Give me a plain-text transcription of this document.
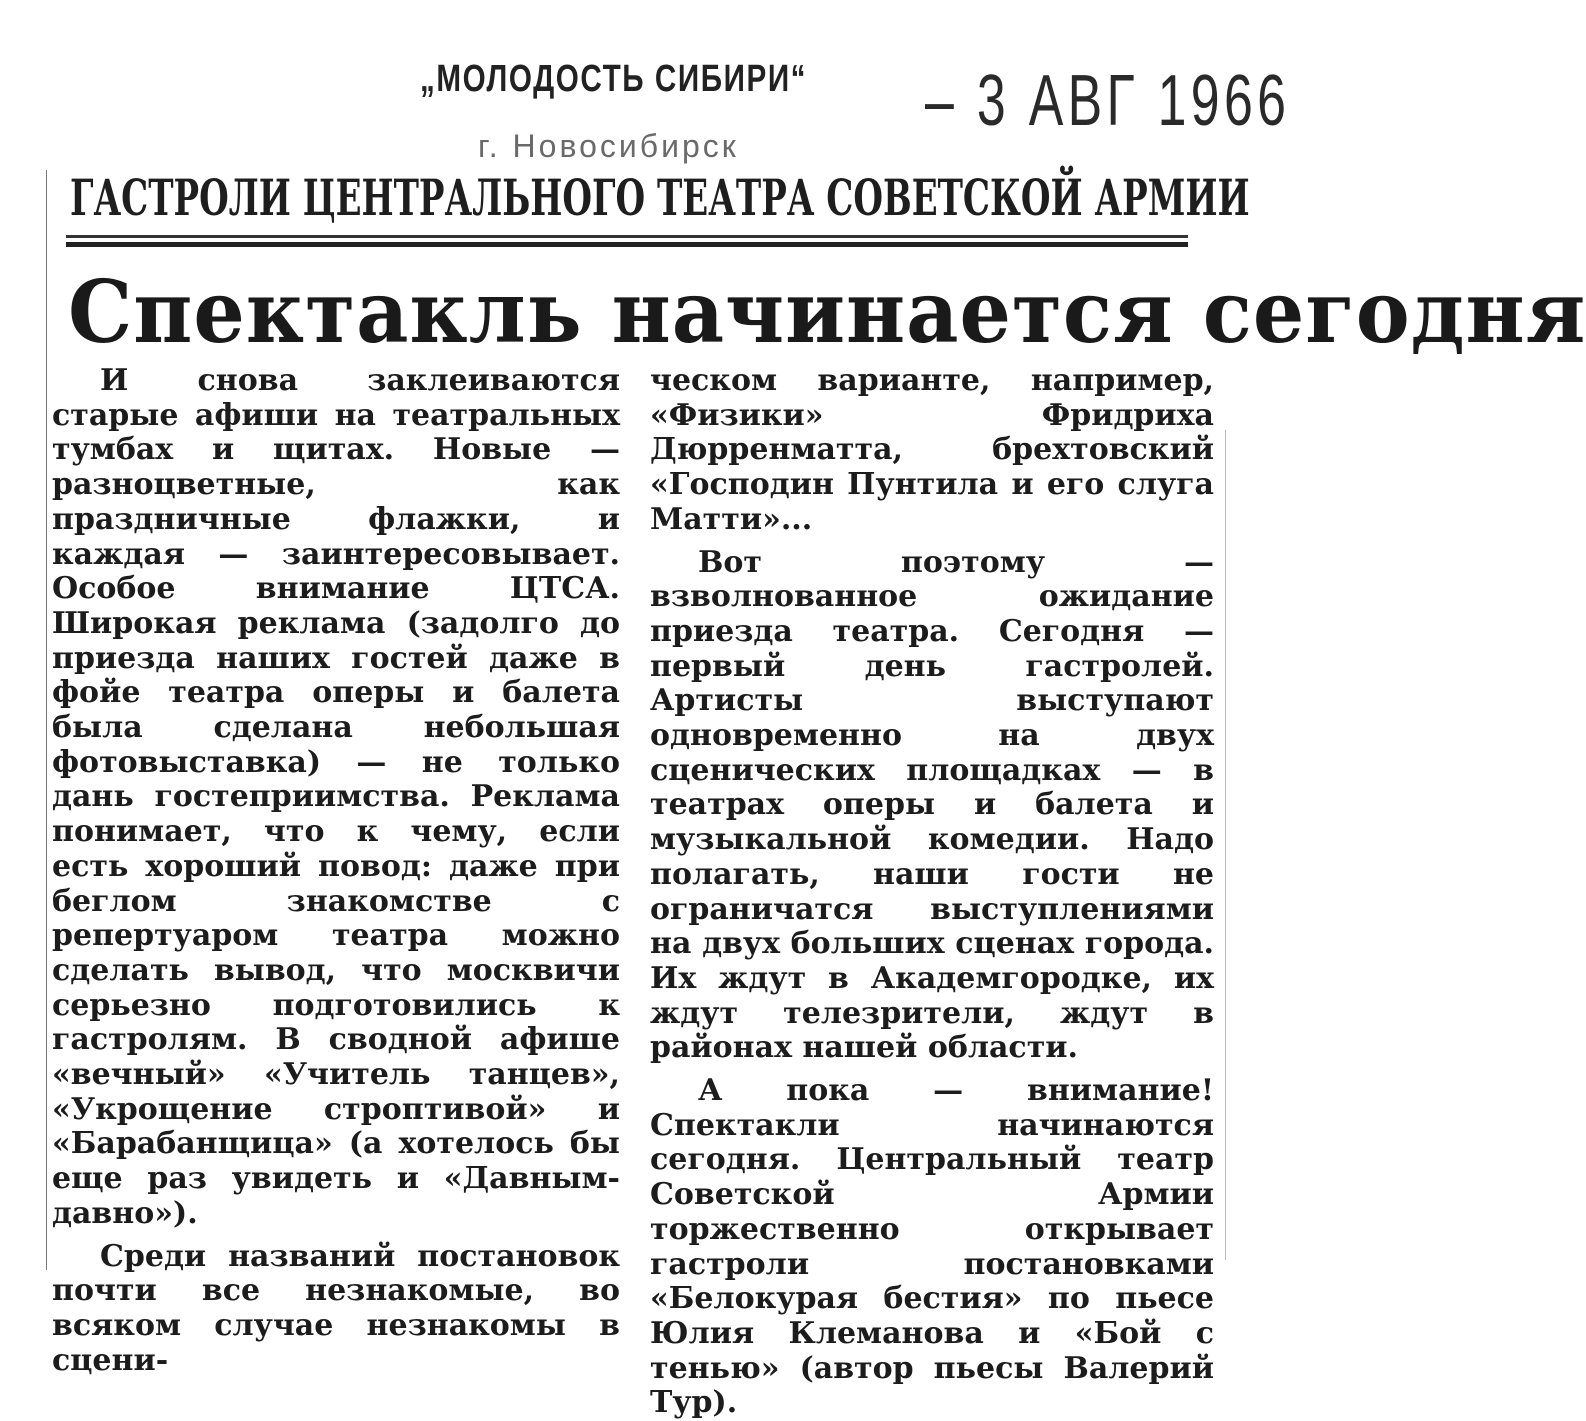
„МОЛОДОСТЬ СИБИРИ“ – 3 АВГ 1966
г. Новосибирск
ГАСТРОЛИ ЦЕНТРАЛЬНОГО ТЕАТРА СОВЕТСКОЙ АРМИИ
Спектакль начинается сегодня

И снова заклеиваются старые афиши на театральных тумбах и щитах. Новые — разноцветные, как праздничные флажки, и каждая — заинтересовывает. Особое внимание ЦТСА. Широкая реклама (задолго до приезда наших гостей даже в фойе театра оперы и балета была сделана небольшая фотовыставка) — не только дань гостеприимства. Реклама понимает, что к чему, если есть хороший повод: даже при беглом знакомстве с репертуаром театра можно сделать вывод, что москвичи серьезно подготовились к гастролям. В сводной афише «вечный» «Учитель танцев», «Укрощение строптивой» и «Барабанщица» (а хотелось бы еще раз увидеть и «Давным-давно»).

Среди названий постановок почти все незнакомые, во всяком случае незнакомы в сцени-

ческом варианте, например, «Физики» Фридриха Дюрренматта, брехтовский «Господин Пунтила и его слуга Матти»...

Вот поэтому — взволнованное ожидание приезда театра. Сегодня — первый день гастролей. Артисты выступают одновременно на двух сценических площадках — в театрах оперы и балета и музыкальной комедии. Надо полагать, наши гости не ограничатся выступлениями на двух больших сценах города. Их ждут в Академгородке, их ждут телезрители, ждут в районах нашей области.

А пока — внимание! Спектакли начинаются сегодня. Центральный театр Советской Армии торжественно открывает гастроли постановками «Белокурая бестия» по пьесе Юлия Клеманова и «Бой с тенью» (автор пьесы Валерий Тур).
